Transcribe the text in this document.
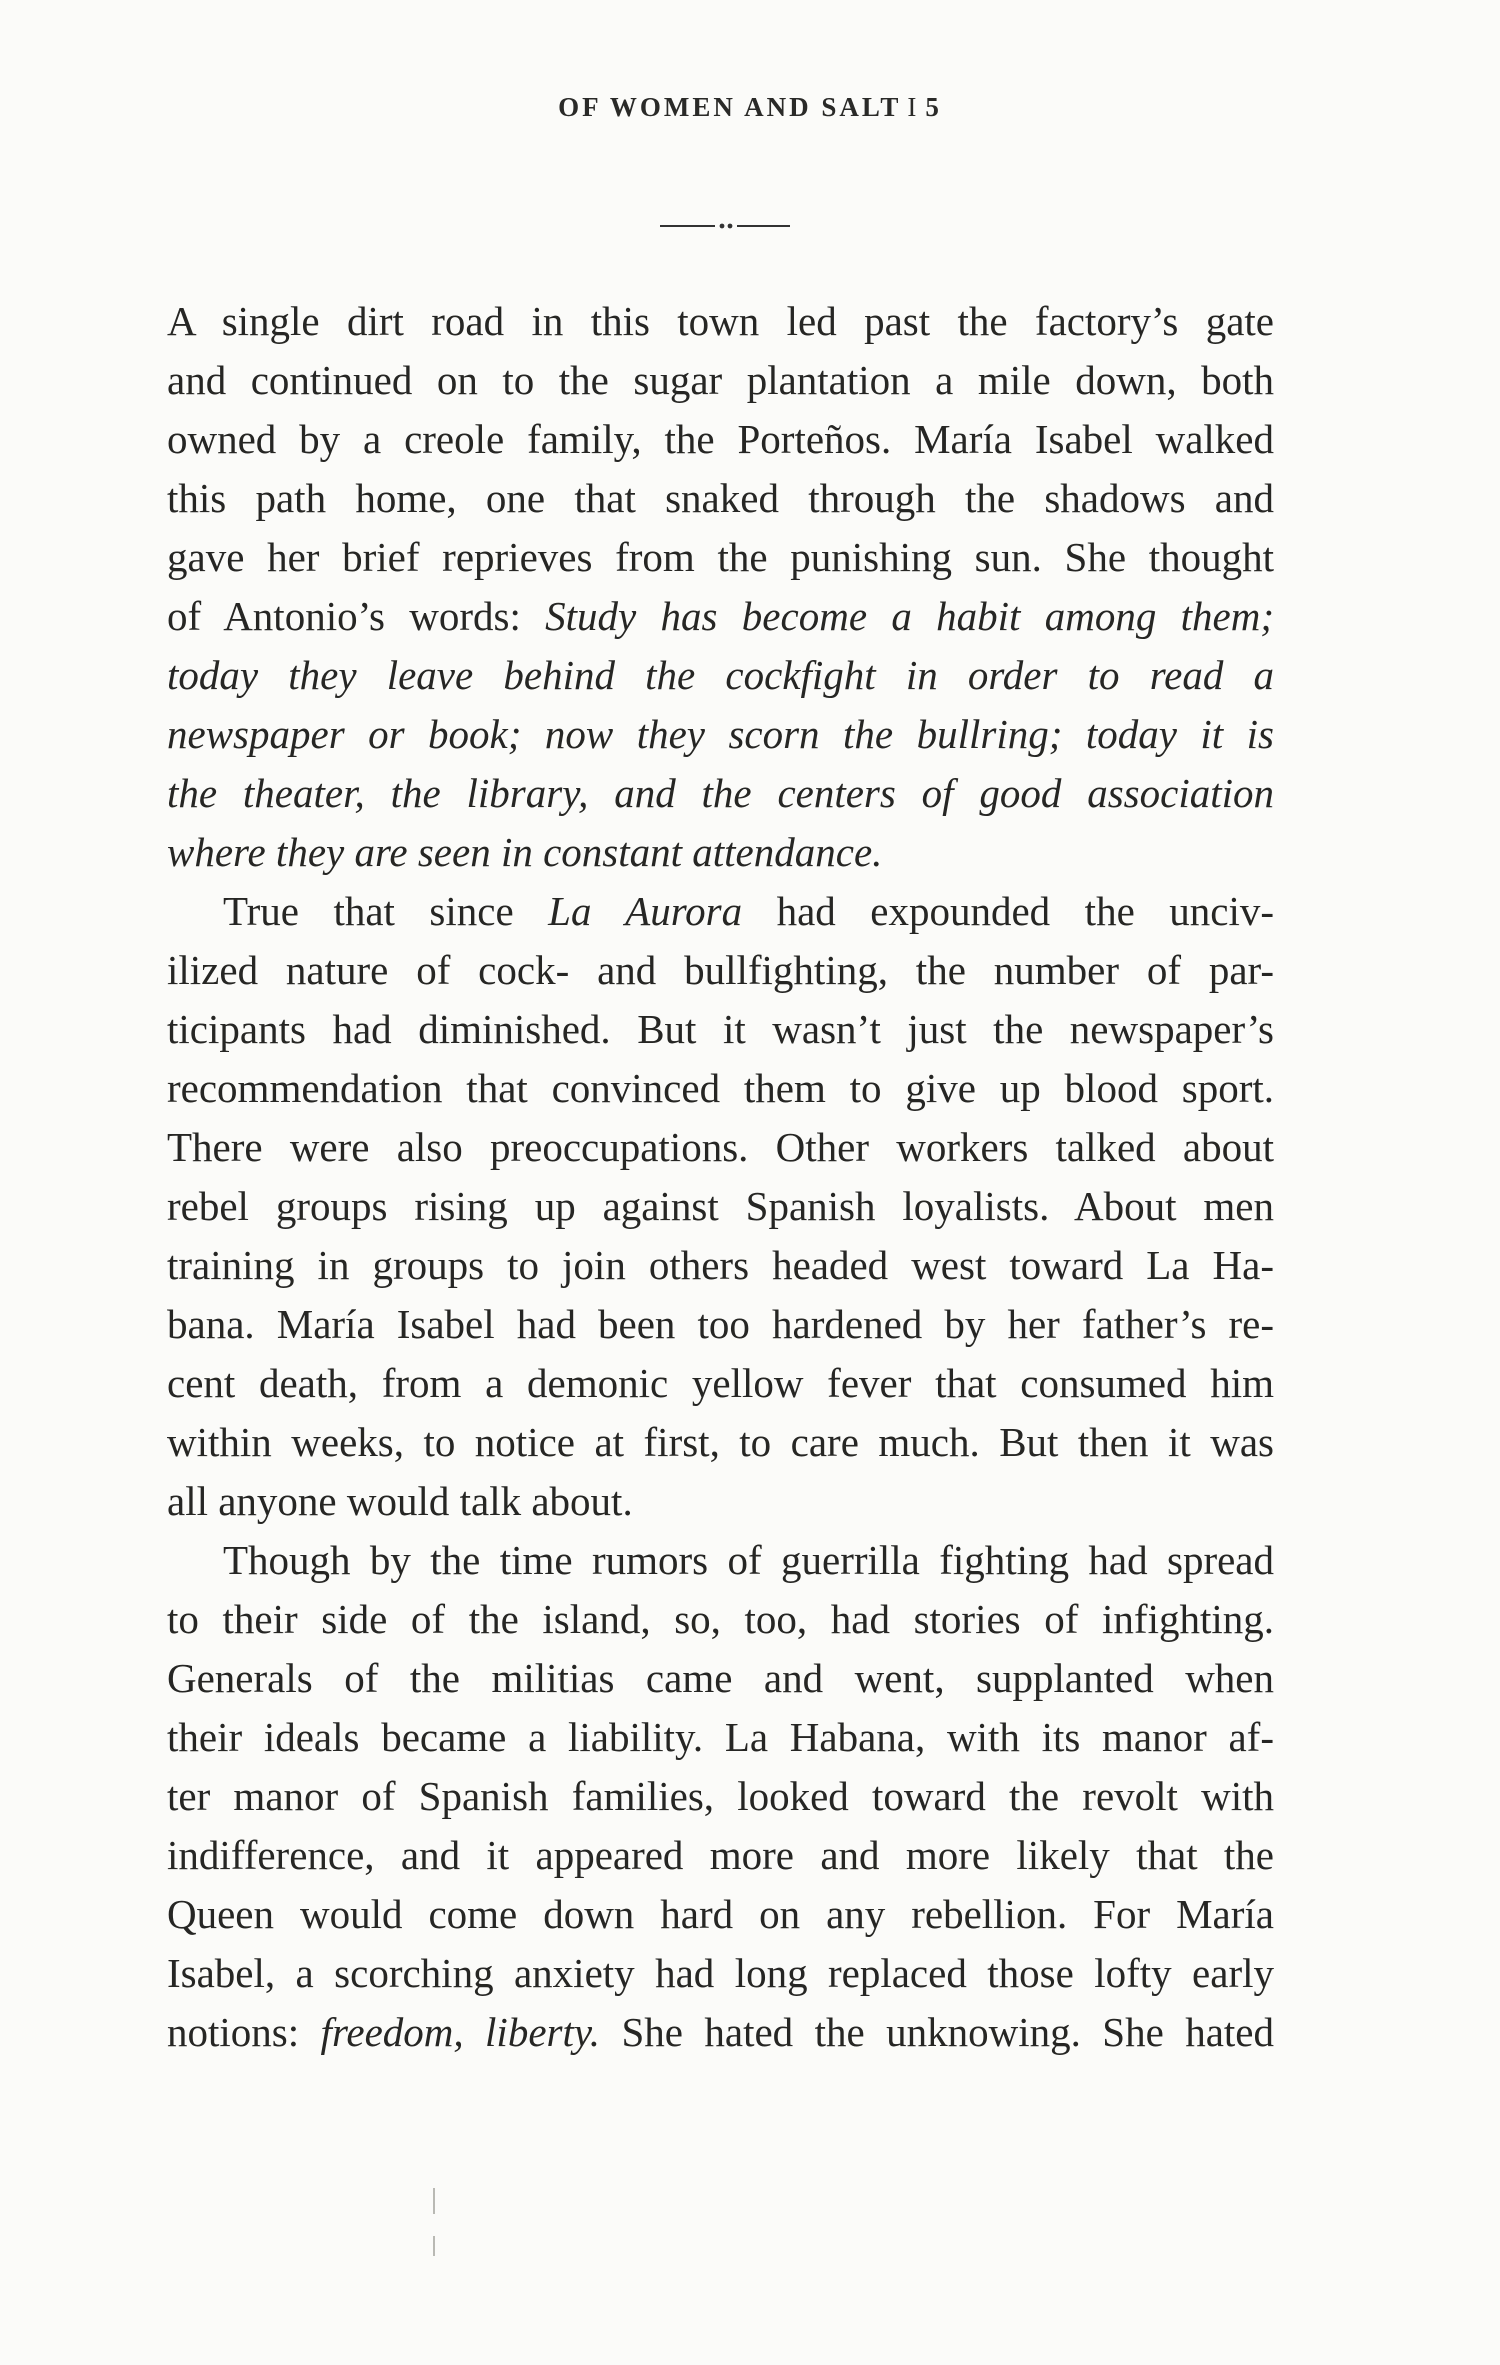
OF WOMEN AND SALT I 5

A single dirt road in this town led past the factory’s gate
and continued on to the sugar plantation a mile down, both
owned by a creole family, the Porteños. María Isabel walked
this path home, one that snaked through the shadows and
gave her brief reprieves from the punishing sun. She thought
of Antonio’s words: Study has become a habit among them;
today they leave behind the cockfight in order to read a
newspaper or book; now they scorn the bullring; today it is
the theater, the library, and the centers of good association
where they are seen in constant attendance.

True that since La Aurora had expounded the unciv-
ilized nature of cock- and bullfighting, the number of par-
ticipants had diminished. But it wasn’t just the newspaper’s
recommendation that convinced them to give up blood sport.
There were also preoccupations. Other workers talked about
rebel groups rising up against Spanish loyalists. About men
training in groups to join others headed west toward La Ha-
bana. María Isabel had been too hardened by her father’s re-
cent death, from a demonic yellow fever that consumed him
within weeks, to notice at first, to care much. But then it was
all anyone would talk about.

Though by the time rumors of guerrilla fighting had spread
to their side of the island, so, too, had stories of infighting.
Generals of the militias came and went, supplanted when
their ideals became a liability. La Habana, with its manor af-
ter manor of Spanish families, looked toward the revolt with
indifference, and it appeared more and more likely that the
Queen would come down hard on any rebellion. For María
Isabel, a scorching anxiety had long replaced those lofty early
notions: freedom, liberty. She hated the unknowing. She hated
